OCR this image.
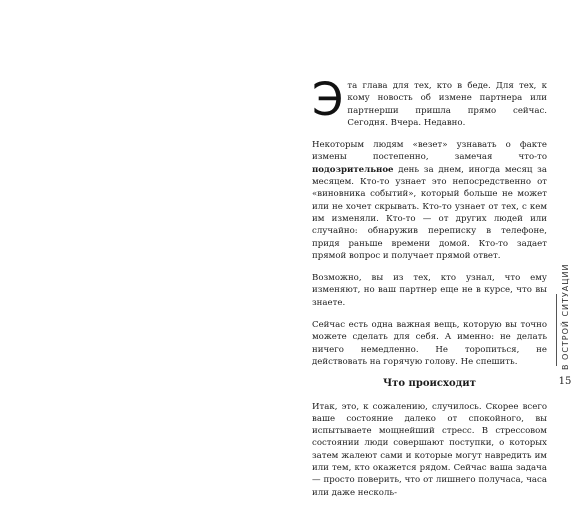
Эта глава для тех, кто в беде. Для тех, к кому новость об измене партнера или партнерши пришла прямо сейчас. Сегодня. Вчера. Недавно.

Некоторым людям «везет» узнавать о факте измены постепенно, замечая что-то подозрительное день за днем, иногда месяц за месяцем. Кто-то узнает это непосредственно от «виновника событий», который больше не может или не хочет скрывать. Кто-то узнает от тех, с кем им изменяли. Кто-то — от других людей или случайно: обнаружив переписку в телефоне, придя раньше времени домой. Кто-то задает прямой вопрос и получает прямой ответ.

Возможно, вы из тех, кто узнал, что ему изменяют, но ваш партнер еще не в курсе, что вы знаете.

Сейчас есть одна важная вещь, которую вы точно можете сделать для себя. А именно: не делать ничего немедленно. Не торопиться, не действовать на горячую голову. Не спешить.

Что происходит

Итак, это, к сожалению, случилось. Скорее всего ваше состояние далеко от спокойного, вы испытываете мощнейший стресс. В стрессовом состоянии люди совершают поступки, о которых затем жалеют сами и которые могут навредить им или тем, кто окажется рядом. Сейчас ваша задача — просто поверить, что от лишнего получаса, часа или даже несколь-

В ОСТРОЙ СИТУАЦИИ
15
